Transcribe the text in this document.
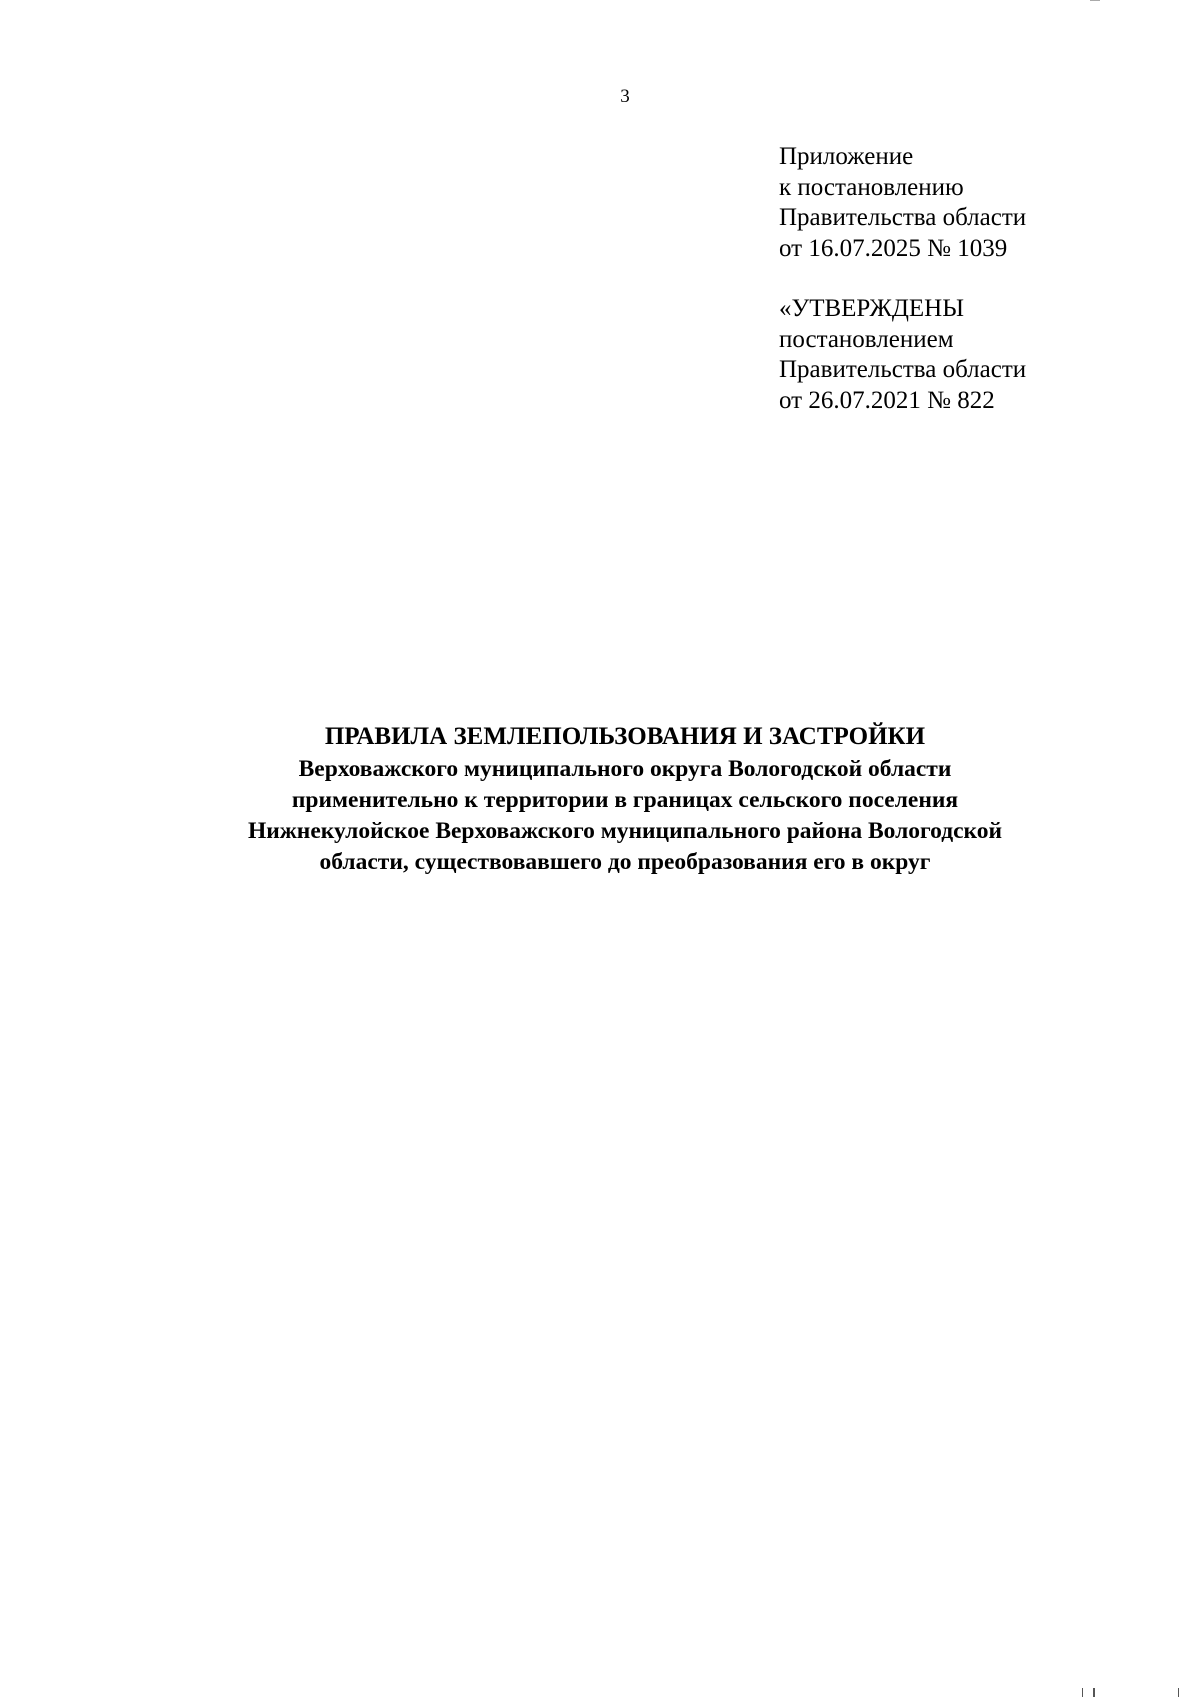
3
Приложение
к постановлению
Правительства области
от 16.07.2025 № 1039
«УТВЕРЖДЕНЫ
постановлением
Правительства области
от 26.07.2021 № 822
ПРАВИЛА ЗЕМЛЕПОЛЬЗОВАНИЯ И ЗАСТРОЙКИ
Верховажского муниципального округа Вологодской области
применительно к территории в границах сельского поселения
Нижнекулойское Верховажского муниципального района Вологодской
области, существовавшего до преобразования его в округ
